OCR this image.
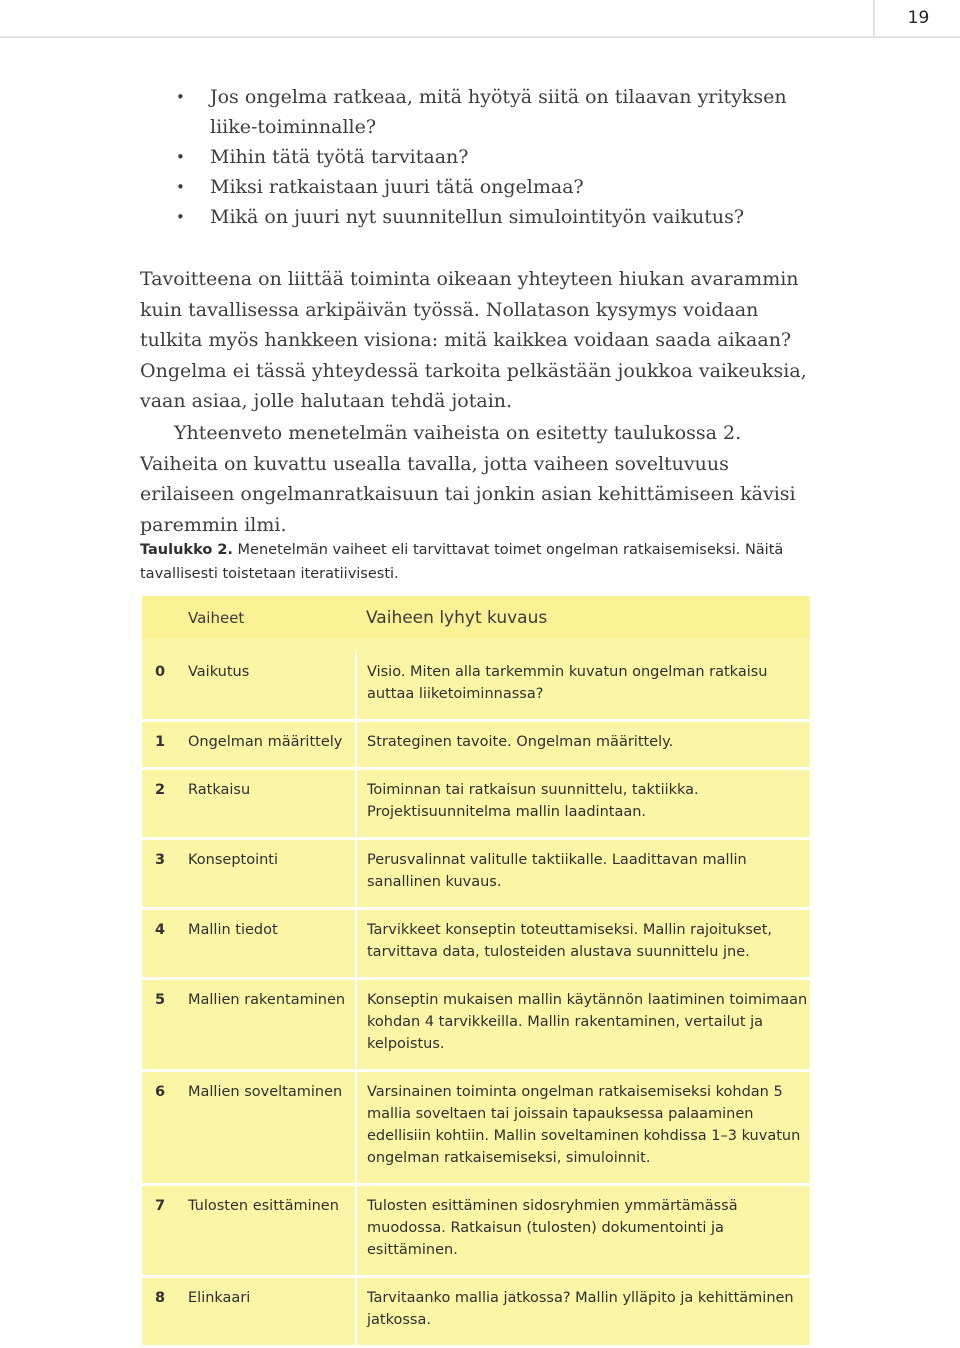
19
• Jos ongelma ratkeaa, mitä hyötyä siitä on tilaavan yrityksen liike-toiminnalle?
• Mihin tätä työtä tarvitaan?
• Miksi ratkaistaan juuri tätä ongelmaa?
• Mikä on juuri nyt suunnitellun simulointityön vaikutus?

Tavoitteena on liittää toiminta oikeaan yhteyteen hiukan avarammin kuin tavallisessa arkipäivän työssä. Nollatason kysymys voidaan tulkita myös hankkeen visiona: mitä kaikkea voidaan saada aikaan? Ongelma ei tässä yhteydessä tarkoita pelkästään joukkoa vaikeuksia, vaan asiaa, jolle halutaan tehdä jotain.

Yhteenveto menetelmän vaiheista on esitetty taulukossa 2. Vaiheita on kuvattu usealla tavalla, jotta vaiheen soveltuvuus erilaiseen ongelmanratkaisuun tai jonkin asian kehittämiseen kävisi paremmin ilmi.

Taulukko 2. Menetelmän vaiheet eli tarvittavat toimet ongelman ratkaisemiseksi. Näitä tavallisesti toistetaan iteratiivisesti.

	Vaiheet	Vaiheen lyhyt kuvaus
0	Vaikutus	Visio. Miten alla tarkemmin kuvatun ongelman ratkaisu auttaa liiketoiminnassa?
1	Ongelman määrittely	Strateginen tavoite. Ongelman määrittely.
2	Ratkaisu	Toiminnan tai ratkaisun suunnittelu, taktiikka. Projektisuunnitelma mallin laadintaan.
3	Konseptointi	Perusvalinnat valitulle taktiikalle. Laadittavan mallin sanallinen kuvaus.
4	Mallin tiedot	Tarvikkeet konseptin toteuttamiseksi. Mallin rajoitukset, tarvittava data, tulosteiden alustava suunnittelu jne.
5	Mallien rakentaminen	Konseptin mukaisen mallin käytännön laatiminen toimimaan kohdan 4 tarvikkeilla. Mallin rakentaminen, vertailut ja kelpoistus.
6	Mallien soveltaminen	Varsinainen toiminta ongelman ratkaisemiseksi kohdan 5 mallia soveltaen tai joissain tapauksessa palaaminen edellisiin kohtiin. Mallin soveltaminen kohdissa 1–3 kuvatun ongelman ratkaisemiseksi, simuloinnit.
7	Tulosten esittäminen	Tulosten esittäminen sidosryhmien ymmärtämässä muodossa. Ratkaisun (tulosten) dokumentointi ja esittäminen.
8	Elinkaari	Tarvitaanko mallia jatkossa? Mallin ylläpito ja kehittäminen jatkossa.
